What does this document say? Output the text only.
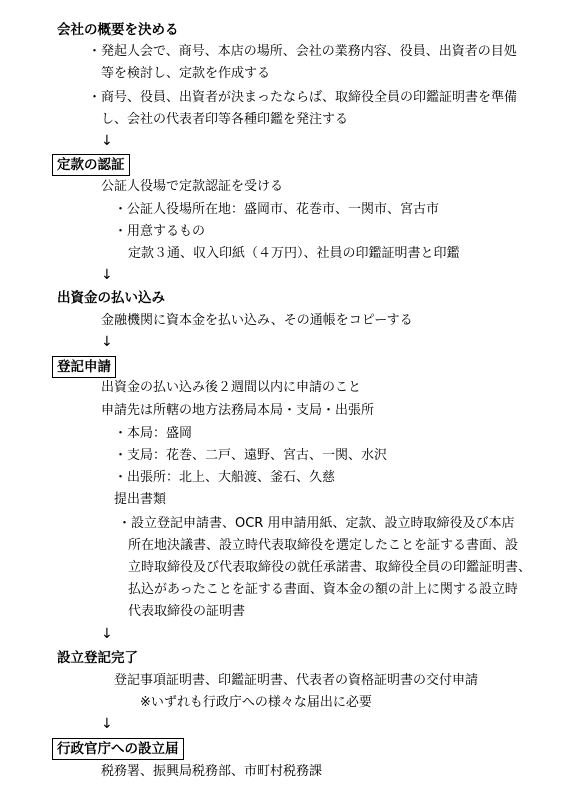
会社の概要を決める
・発起人会で、商号、本店の場所、会社の業務内容、役員、出資者の目処
等を検討し、定款を作成する
・商号、役員、出資者が決まったならば、取締役全員の印鑑証明書を準備
し、会社の代表者印等各種印鑑を発注する
↓
定款の認証
公証人役場で定款認証を受ける
・公証人役場所在地：盛岡市、花巻市、一関市、宮古市
・用意するもの
定款３通、収入印紙（４万円）、社員の印鑑証明書と印鑑
↓
出資金の払い込み
金融機関に資本金を払い込み、その通帳をコピーする
↓
登記申請
出資金の払い込み後２週間以内に申請のこと
申請先は所轄の地方法務局本局・支局・出張所
・本局：盛岡
・支局：花巻、二戸、遠野、宮古、一関、水沢
・出張所：北上、大船渡、釜石、久慈
提出書類
・設立登記申請書、OCR 用申請用紙、定款、設立時取締役及び本店
所在地決議書、設立時代表取締役を選定したことを証する書面、設
立時取締役及び代表取締役の就任承諾書、取締役全員の印鑑証明書、
払込があったことを証する書面、資本金の額の計上に関する設立時
代表取締役の証明書
↓
設立登記完了
登記事項証明書、印鑑証明書、代表者の資格証明書の交付申請
※いずれも行政庁への様々な届出に必要
↓
行政官庁への設立届
税務署、振興局税務部、市町村税務課
